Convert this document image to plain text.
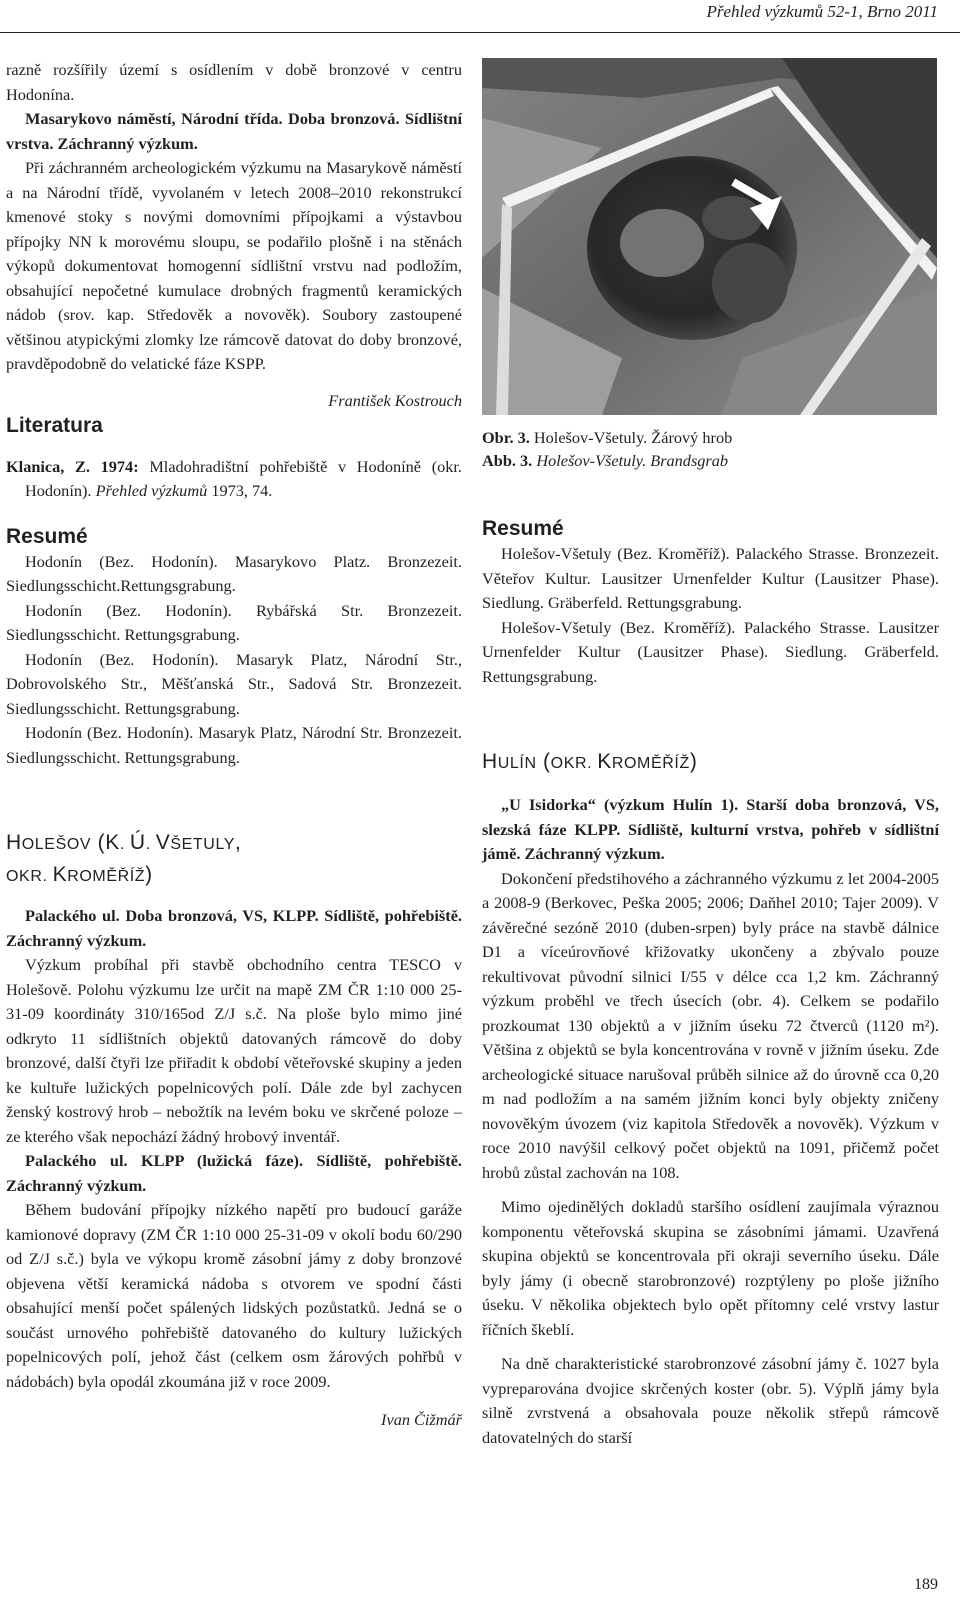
Přehled výzkumů 52-1, Brno 2011

razně rozšířily území s osídlením v době bronzové v centru Hodonína.

Masarykovo náměstí, Národní třída. Doba bronzová. Sídlištní vrstva. Záchranný výzkum.

Při záchranném archeologickém výzkumu na Masarykově náměstí a na Národní třídě, vyvolaném v letech 2008–2010 rekonstrukcí kmenové stoky s novými domovními přípojkami a výstavbou přípojky NN k morovému sloupu, se podařilo plošně i na stěnách výkopů dokumentovat homogenní sídlištní vrstvu nad podložím, obsahující nepočetné kumulace drobných fragmentů keramických nádob (srov. kap. Středověk a novověk). Soubory zastoupené většinou atypickými zlomky lze rámcově datovat do doby bronzové, pravděpodobně do velatické fáze KSPP.

František Kostrouch

Literatura

Klanica, Z. 1974: Mladohradištní pohřebiště v Hodoníně (okr. Hodonín). Přehled výzkumů 1973, 74.

Resumé

Hodonín (Bez. Hodonín). Masarykovo Platz. Bronzezeit. Siedlungsschicht.Rettungsgrabung.

Hodonín (Bez. Hodonín). Rybářská Str. Bronzezeit. Siedlungsschicht. Rettungsgrabung.

Hodonín (Bez. Hodonín). Masaryk Platz, Národní Str., Dobrovolského Str., Měšťanská Str., Sadová Str. Bronzezeit. Siedlungsschicht. Rettungsgrabung.

Hodonín (Bez. Hodonín). Masaryk Platz, Národní Str. Bronzezeit. Siedlungsschicht. Rettungsgrabung.

HOLEŠOV (K. Ú. VŠETULY,
OKR. KROMĚŘÍŽ)

Palackého ul. Doba bronzová, VS, KLPP. Sídliště, pohřebiště. Záchranný výzkum.

Výzkum probíhal při stavbě obchodního centra TESCO v Holešově. Polohu výzkumu lze určit na mapě ZM ČR 1:10 000 25-31-09 koordináty 310/165od Z/J s.č. Na ploše bylo mimo jiné odkryto 11 sídlištních objektů datovaných rámcově do doby bronzové, další čtyři lze přiřadit k období věteřovské skupiny a jeden ke kultuře lužických popelnicových polí. Dále zde byl zachycen ženský kostrový hrob – nebožtík na levém boku ve skrčené poloze – ze kterého však nepochází žádný hrobový inventář.

Palackého ul. KLPP (lužická fáze). Sídliště, pohřebiště. Záchranný výzkum.

Během budování přípojky nízkého napětí pro budoucí garáže kamionové dopravy (ZM ČR 1:10 000 25-31-09 v okolí bodu 60/290 od Z/J s.č.) byla ve výkopu kromě zásobní jámy z doby bronzové objevena větší keramická nádoba s otvorem ve spodní části obsahující menší počet spálených lidských pozůstatků. Jedná se o součást urnového pohřebiště datovaného do kultury lužických popelnicových polí, jehož část (celkem osm žárových pohřbů v nádobách) byla opodál zkoumána již v roce 2009.

Ivan Čižmář

Obr. 3. Holešov-Všetuly. Žárový hrob

Abb. 3. Holešov-Všetuly. Brandsgrab

Resumé

Holešov-Všetuly (Bez. Kroměříž). Palackého Strasse. Bronzezeit. Věteřov Kultur. Lausitzer Urnenfelder Kultur (Lausitzer Phase). Siedlung. Gräberfeld. Rettungsgrabung.

Holešov-Všetuly (Bez. Kroměříž). Palackého Strasse. Lausitzer Urnenfelder Kultur (Lausitzer Phase). Siedlung. Gräberfeld. Rettungsgrabung.

HULÍN (OKR. KROMĚŘÍŽ)

„U Isidorka“ (výzkum Hulín 1). Starší doba bronzová, VS, slezská fáze KLPP. Sídliště, kulturní vrstva, pohřeb v sídlištní jámě. Záchranný výzkum.

Dokončení předstihového a záchranného výzkumu z let 2004-2005 a 2008-9 (Berkovec, Peška 2005; 2006; Daňhel 2010; Tajer 2009). V závěrečné sezóně 2010 (duben-srpen) byly práce na stavbě dálnice D1 a víceúrovňové křižovatky ukončeny a zbývalo pouze rekultivovat původní silnici I/55 v délce cca 1,2 km. Záchranný výzkum proběhl ve třech úsecích (obr. 4). Celkem se podařilo prozkoumat 130 objektů a v jižním úseku 72 čtverců (1120 m²). Většina z objektů se byla koncentrována v rovně v jižním úseku. Zde archeologické situace narušoval průběh silnice až do úrovně cca 0,20 m nad podložím a na samém jižním konci byly objekty zničeny novověkým úvozem (viz kapitola Středověk a novověk). Výzkum v roce 2010 navýšil celkový počet objektů na 1091, přičemž počet hrobů zůstal zachován na 108.

Mimo ojedinělých dokladů staršího osídlení zaujímala výraznou komponentu věteřovská skupina se zásobními jámami. Uzavřená skupina objektů se koncentrovala při okraji severního úseku. Dále byly jámy (i obecně starobronzové) rozptýleny po ploše jižního úseku. V několika objektech bylo opět přítomny celé vrstvy lastur říčních škeblí.

Na dně charakteristické starobronzové zásobní jámy č. 1027 byla vypreparována dvojice skrčených koster (obr. 5). Výplň jámy byla silně zvrstvená a obsahovala pouze několik střepů rámcově datovatelných do starší

189
